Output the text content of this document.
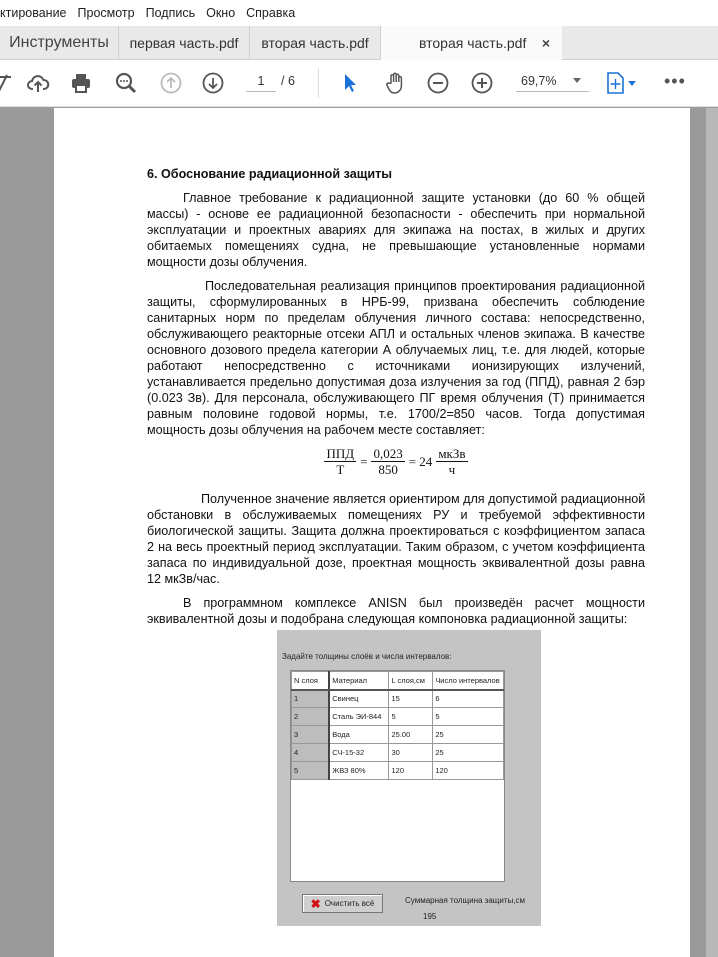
ктирование Просмотр Подпись Окно Справка
Инструменты	первая часть.pdf	вторая часть.pdf	вторая часть.pdf ×
1	/ 6	69,7%	•••
6. Обоснование радиационной защиты
Главное требование к радиационной защите установки (до 60 % общей
массы) - основе ее радиационной безопасности - обеспечить при нормальной
эксплуатации и проектных авариях для экипажа на постах, в жилых и других
обитаемых помещениях судна, не превышающие установленные нормами
мощности дозы облучения.
Последовательная реализация принципов проектирования радиационной
защиты, сформулированных в НРБ-99, призвана обеспечить соблюдение
санитарных норм по пределам облучения личного состава: непосредственно,
обслуживающего реакторные отсеки АПЛ и остальных членов экипажа. В качестве
основного дозового предела категории А облучаемых лиц, т.е. для людей, которые
работают непосредственно с источниками ионизирующих излучений,
устанавливается предельно допустимая доза излучения за год (ППД), равная 2 бэр
(0.023 Зв). Для персонала, обслуживающего ПГ время облучения (Т) принимается
равным половине годовой нормы, т.е. 1700/2=850 часов. Тогда допустимая
мощность дозы облучения на рабочем месте составляет:
$\frac{\text{ППД}}{Т} = \frac{0,023}{850} = 24 \frac{\text{мкЗв}}{ч}$
Полученное значение является ориентиром для допустимой радиационной
обстановки в обслуживаемых помещениях РУ и требуемой эффективности
биологической защиты. Защита должна проектироваться с коэффициентом запаса
2 на весь проектный период эксплуатации. Таким образом, с учетом коэффициента
запаса по индивидуальной дозе, проектная мощность эквивалентной дозы равна
12 мкЗв/час.
В программном комплексе ANISN был произведён расчет мощности
эквивалентной дозы и подобрана следующая компоновка радиационной защиты:
Задайте толщины слоёв и числа интервалов:
N слоя	Материал	L слоя,см	Число интервалов
1	Свинец	15	6
2	Сталь ЭИ-844	5	5
3	Вода	25.00	25
4	СЧ-15-32	30	25
5	ЖВЗ 80%	120	120
✖ Очистить всё	Суммарная толщина защиты,см
195
